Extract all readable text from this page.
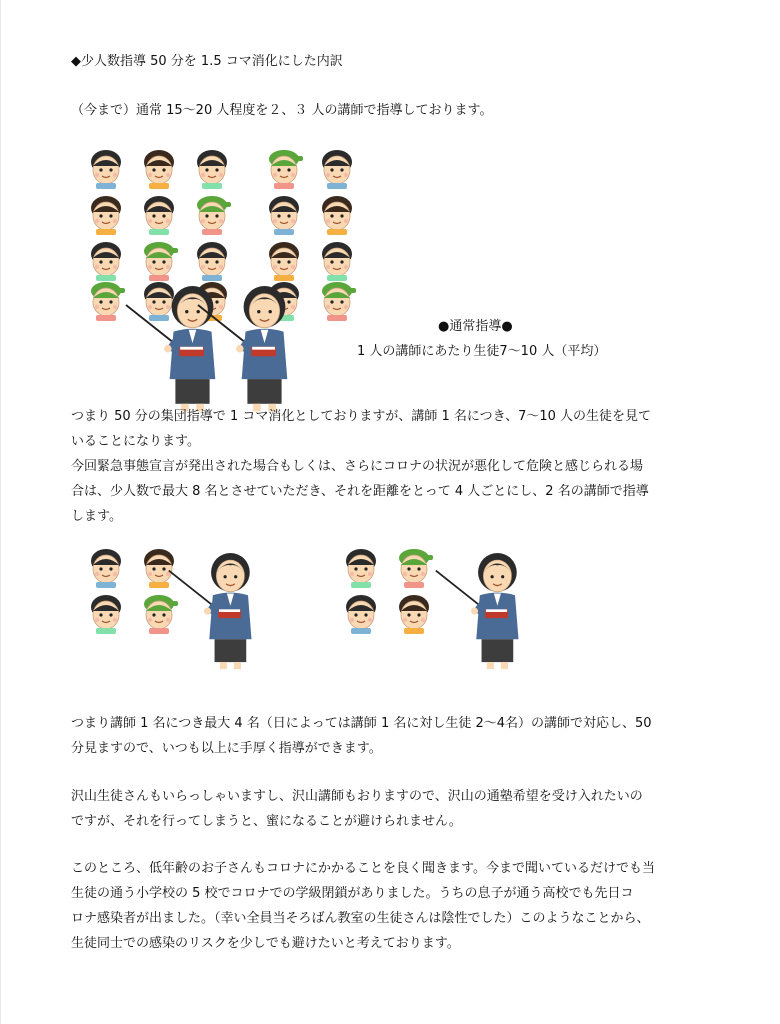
◆少人数指導 50 分を 1.5 コマ消化にした内訳
（今まで）通常 15～20 人程度を２、３ 人の講師で指導しております。
●通常指導●
1 人の講師にあたり生徒7～10 人（平均）
つまり 50 分の集団指導で 1 コマ消化としておりますが、講師 1 名につき、7～10 人の生徒を見て
いることになります。
今回緊急事態宣言が発出された場合もしくは、さらにコロナの状況が悪化して危険と感じられる場
合は、少人数で最大 8 名とさせていただき、それを距離をとって 4 人ごとにし、2 名の講師で指導
します。
つまり講師 1 名につき最大 4 名（日によっては講師 1 名に対し生徒 2～4名）の講師で対応し、50
分見ますので、いつも以上に手厚く指導ができます。
沢山生徒さんもいらっしゃいますし、沢山講師もおりますので、沢山の通塾希望を受け入れたいの
ですが、それを行ってしまうと、蜜になることが避けられません。
このところ、低年齢のお子さんもコロナにかかることを良く聞きます。今まで聞いているだけでも当
生徒の通う小学校の 5 校でコロナでの学級閉鎖がありました。うちの息子が通う高校でも先日コ
ロナ感染者が出ました。（幸い全員当そろばん教室の生徒さんは陰性でした）このようなことから、
生徒同士での感染のリスクを少しでも避けたいと考えております。
